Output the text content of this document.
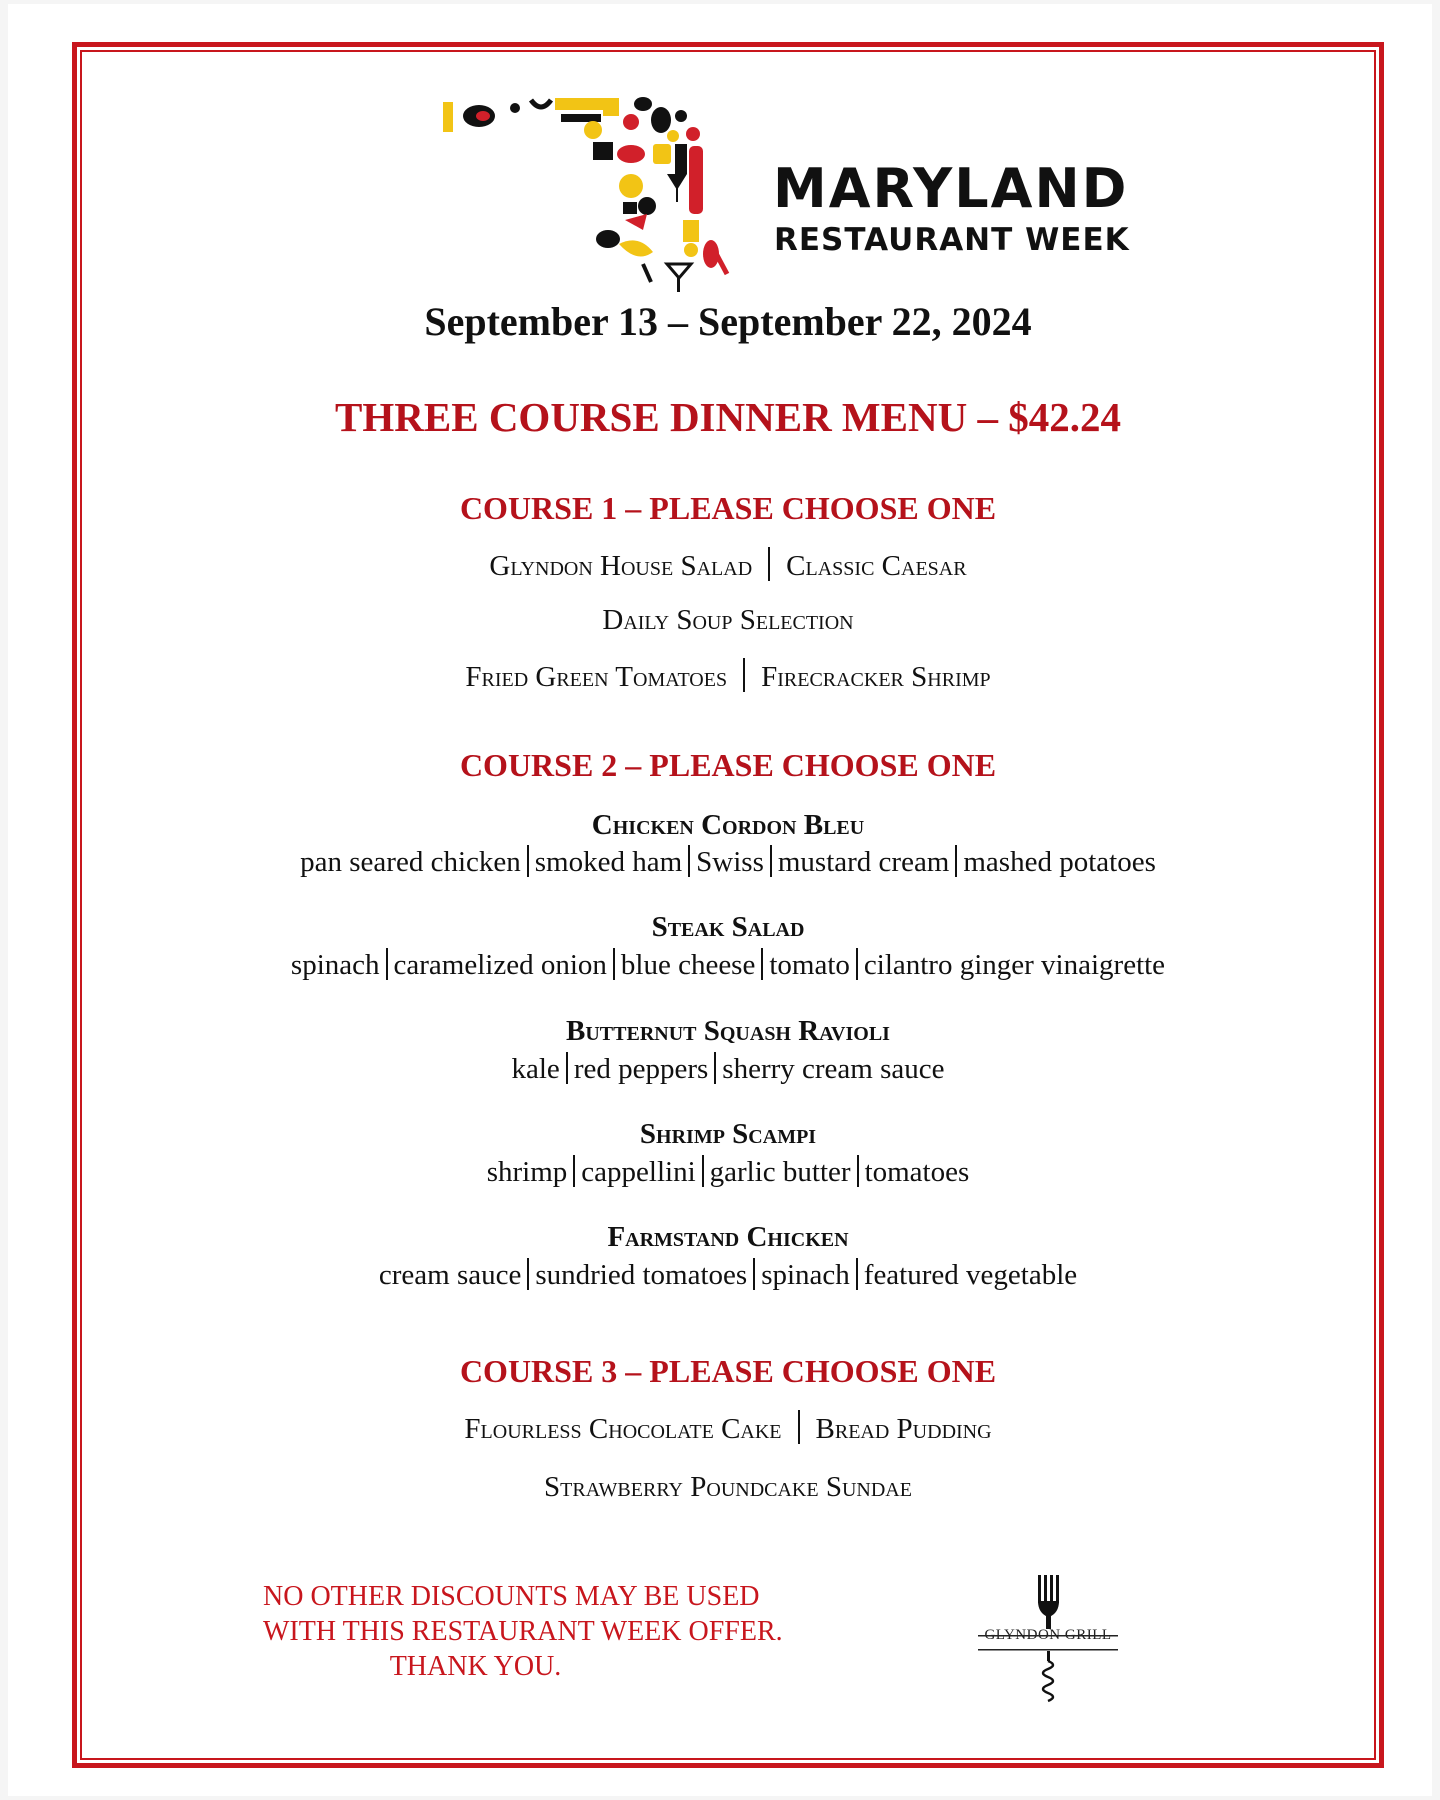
MARYLAND
RESTAURANT WEEK
September 13 – September 22, 2024
THREE COURSE DINNER MENU – $42.24
COURSE 1 – PLEASE CHOOSE ONE
Glyndon House Salad Classic Caesar
Daily Soup Selection
Fried Green Tomatoes Firecracker Shrimp
COURSE 2 – PLEASE CHOOSE ONE
Chicken Cordon Bleu
pan seared chicken smoked ham Swiss mustard cream mashed potatoes
Steak Salad
spinach caramelized onion blue cheese tomato cilantro ginger vinaigrette
Butternut Squash Ravioli
kale red peppers sherry cream sauce
Shrimp Scampi
shrimp cappellini garlic butter tomatoes
Farmstand Chicken
cream sauce sundried tomatoes spinach featured vegetable
COURSE 3 – PLEASE CHOOSE ONE
Flourless Chocolate Cake Bread Pudding
Strawberry Poundcake Sundae
NO OTHER DISCOUNTS MAY BE USED
WITH THIS RESTAURANT WEEK OFFER.
THANK YOU.
GLYNDON GRILL
